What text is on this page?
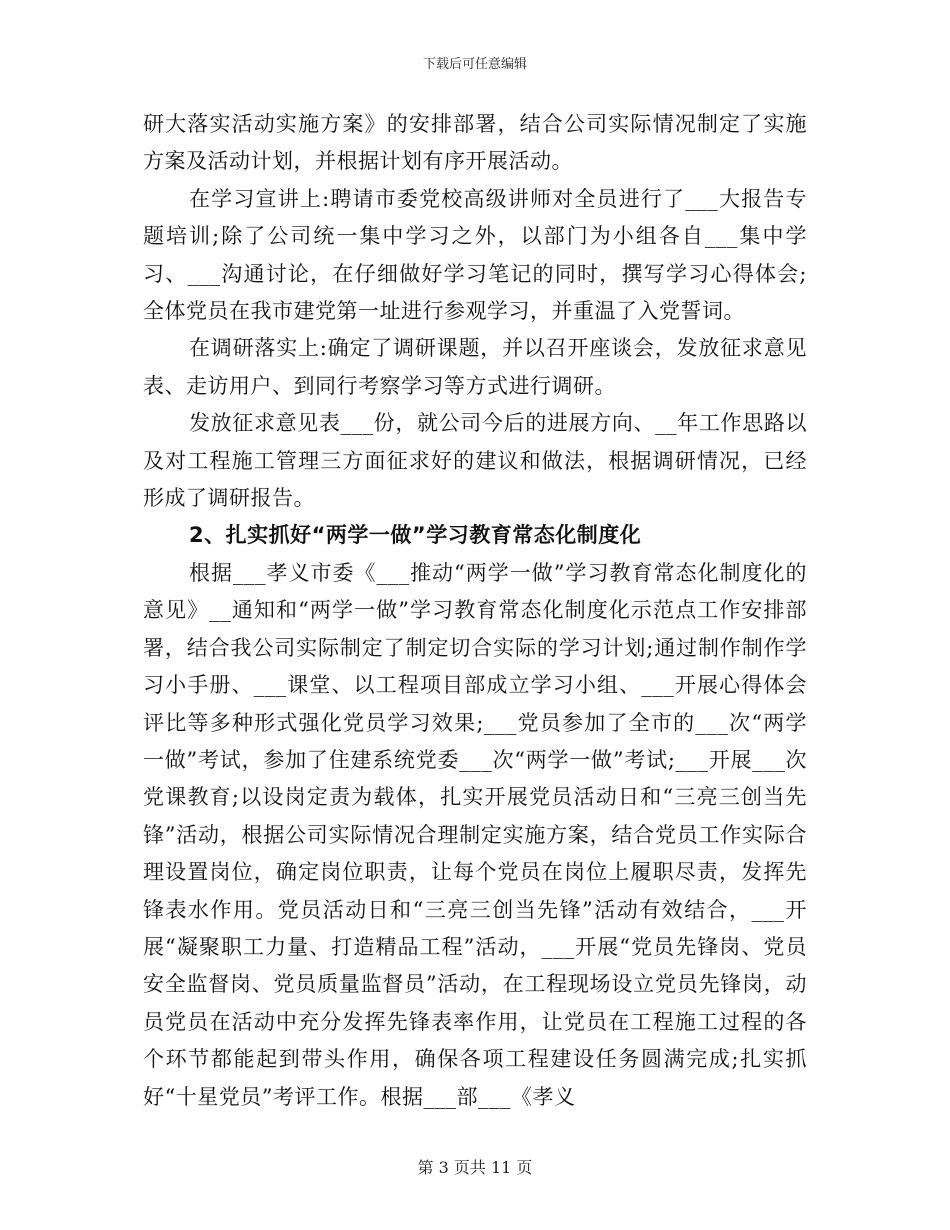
下载后可任意编辑

研大落实活动实施方案》的安排部署，结合公司实际情况制定了实施方案及活动计划，并根据计划有序开展活动。

在学习宣讲上:聘请市委党校高级讲师对全员进行了___大报告专题培训;除了公司统一集中学习之外，以部门为小组各自___集中学习、___沟通讨论，在仔细做好学习笔记的同时，撰写学习心得体会;全体党员在我市建党第一址进行参观学习，并重温了入党誓词。

在调研落实上:确定了调研课题，并以召开座谈会，发放征求意见表、走访用户、到同行考察学习等方式进行调研。

发放征求意见表___份，就公司今后的进展方向、__年工作思路以及对工程施工管理三方面征求好的建议和做法，根据调研情况，已经形成了调研报告。

2、扎实抓好“两学一做”学习教育常态化制度化

根据___孝义市委《___推动“两学一做”学习教育常态化制度化的意见》__通知和“两学一做”学习教育常态化制度化示范点工作安排部署，结合我公司实际制定了制定切合实际的学习计划;通过制作制作学习小手册、___课堂、以工程项目部成立学习小组、___开展心得体会评比等多种形式强化党员学习效果;___党员参加了全市的___次“两学一做”考试，参加了住建系统党委___次“两学一做”考试;___开展___次党课教育;以设岗定责为载体，扎实开展党员活动日和“三亮三创当先锋”活动，根据公司实际情况合理制定实施方案，结合党员工作实际合理设置岗位，确定岗位职责，让每个党员在岗位上履职尽责，发挥先锋表水作用。党员活动日和“三亮三创当先锋”活动有效结合，___开展“凝聚职工力量、打造精品工程”活动，___开展“党员先锋岗、党员安全监督岗、党员质量监督员”活动，在工程现场设立党员先锋岗，动员党员在活动中充分发挥先锋表率作用，让党员在工程施工过程的各个环节都能起到带头作用，确保各项工程建设任务圆满完成;扎实抓好“十星党员”考评工作。根据___部___《孝义

第 3 页共 11 页
